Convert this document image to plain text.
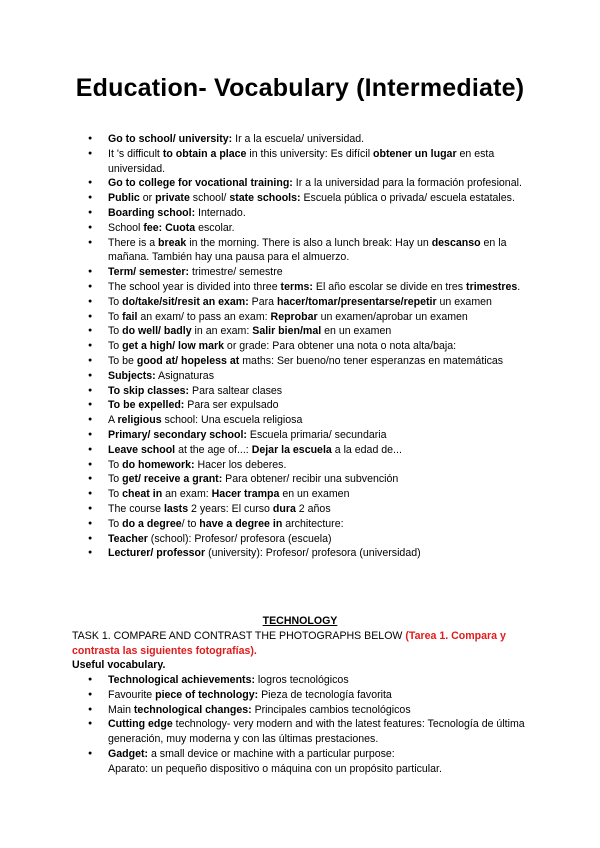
Education- Vocabulary (Intermediate)
● Go to school/ university: Ir a la escuela/ universidad.
● It 's difficult to obtain a place in this university: Es difícil obtener un lugar en esta universidad.
● Go to college for vocational training: Ir a la universidad para la formación profesional.
● Public or private school/ state schools: Escuela pública o privada/ escuela estatales.
● Boarding school: Internado.
● School fee: Cuota escolar.
● There is a break in the morning. There is also a lunch break: Hay un descanso en la mañana. También hay una pausa para el almuerzo.
● Term/ semester: trimestre/ semestre
● The school year is divided into three terms: El año escolar se divide en tres trimestres.
● To do/take/sit/resit an exam: Para hacer/tomar/presentarse/repetir un examen
● To fail an exam/ to pass an exam: Reprobar un examen/aprobar un examen
● To do well/ badly in an exam: Salir bien/mal en un examen
● To get a high/ low mark or grade: Para obtener una nota o nota alta/baja:
● To be good at/ hopeless at maths: Ser bueno/no tener esperanzas en matemáticas
● Subjects: Asignaturas
● To skip classes: Para saltear clases
● To be expelled: Para ser expulsado
● A religious school: Una escuela religiosa
● Primary/ secondary school: Escuela primaria/ secundaria
● Leave school at the age of...: Dejar la escuela a la edad de...
● To do homework: Hacer los deberes.
● To get/ receive a grant: Para obtener/ recibir una subvención
● To cheat in an exam: Hacer trampa en un examen
● The course lasts 2 years: El curso dura 2 años
● To do a degree/ to have a degree in architecture:
● Teacher (school): Profesor/ profesora (escuela)
● Lecturer/ professor (university): Profesor/ profesora (universidad)
TECHNOLOGY
TASK 1. COMPARE AND CONTRAST THE PHOTOGRAPHS BELOW (Tarea 1. Compara y contrasta las siguientes fotografías).
Useful vocabulary.
● Technological achievements: logros tecnológicos
● Favourite piece of technology: Pieza de tecnología favorita
● Main technological changes: Principales cambios tecnológicos
● Cutting edge technology- very modern and with the latest features: Tecnología de última generación, muy moderna y con las últimas prestaciones.
● Gadget: a small device or machine with a particular purpose:
Aparato: un pequeño dispositivo o máquina con un propósito particular.
